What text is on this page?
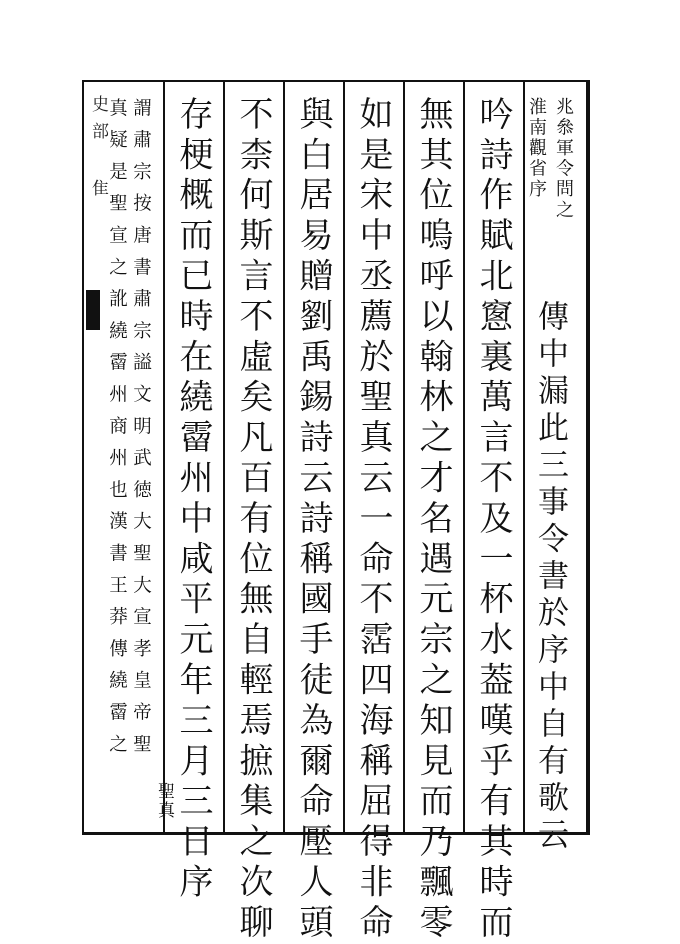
史部 隹	兆叅軍令問之
淮南觀省序
傳中漏此三事令書於序中自有歌云
吟詩作賦北窻裏萬言不及一杯水葢嘆乎有其時而
無其位嗚呼以翰林之才名遇元宗之知見而乃飄零
如是宋中丞薦於聖真云一命不霑四海稱屈得非命
與白居易贈劉禹錫詩云詩稱國手徒為爾命壓人頭
不柰何斯言不虛矣凡百有位無自輕焉摭集之次聊
存梗概而已時在繞霤州中咸平元年三月三日序
聖真
謂肅宗按唐書肅宗謚文明武徳大聖大宣孝皇帝聖
真疑是聖宣之訛繞霤州商州也漢書王莽傳繞霤之
